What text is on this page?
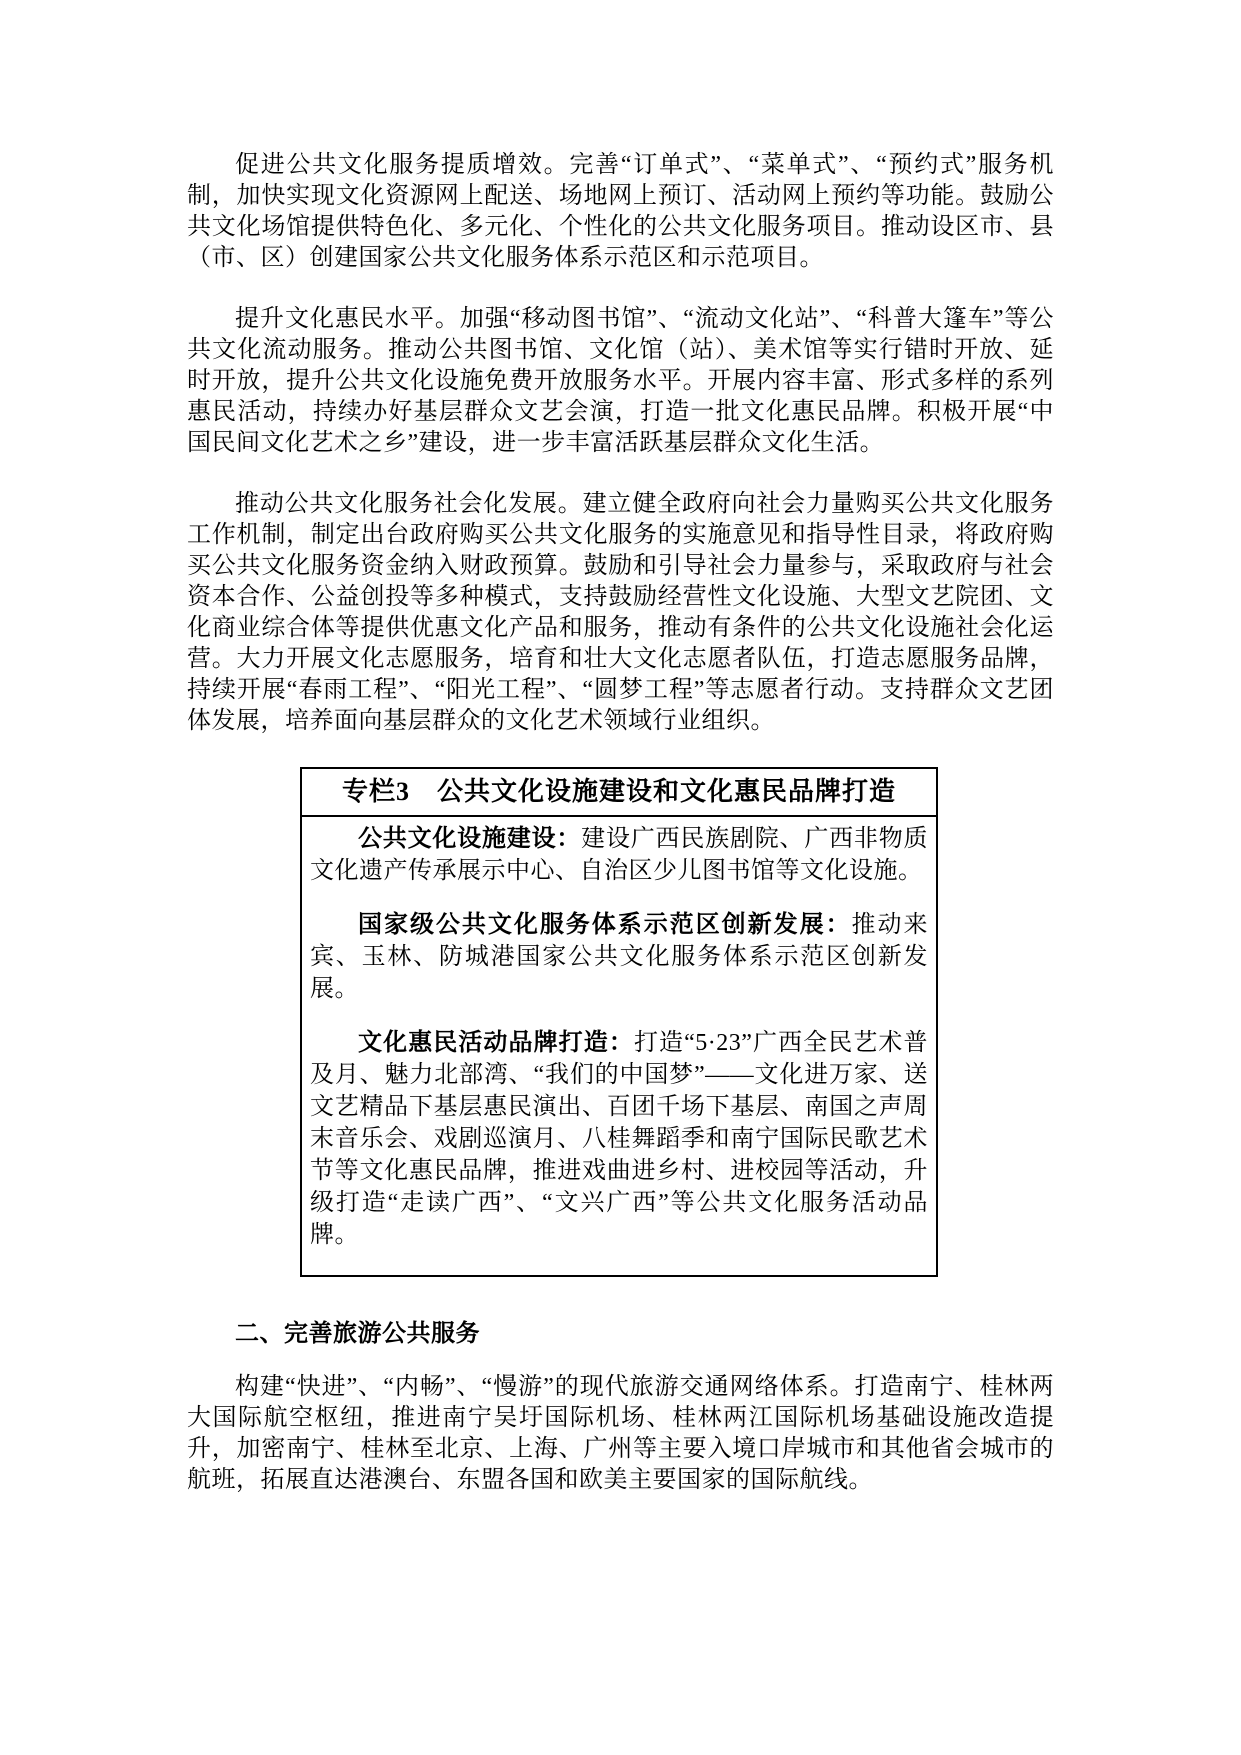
促进公共文化服务提质增效。完善“订单式”、“菜单式”、“预约式”服务机制，加快实现文化资源网上配送、场地网上预订、活动网上预约等功能。鼓励公共文化场馆提供特色化、多元化、个性化的公共文化服务项目。推动设区市、县（市、区）创建国家公共文化服务体系示范区和示范项目。

提升文化惠民水平。加强“移动图书馆”、“流动文化站”、“科普大篷车”等公共文化流动服务。推动公共图书馆、文化馆（站）、美术馆等实行错时开放、延时开放，提升公共文化设施免费开放服务水平。开展内容丰富、形式多样的系列惠民活动，持续办好基层群众文艺会演，打造一批文化惠民品牌。积极开展“中国民间文化艺术之乡”建设，进一步丰富活跃基层群众文化生活。

推动公共文化服务社会化发展。建立健全政府向社会力量购买公共文化服务工作机制，制定出台政府购买公共文化服务的实施意见和指导性目录，将政府购买公共文化服务资金纳入财政预算。鼓励和引导社会力量参与，采取政府与社会资本合作、公益创投等多种模式，支持鼓励经营性文化设施、大型文艺院团、文化商业综合体等提供优惠文化产品和服务，推动有条件的公共文化设施社会化运营。大力开展文化志愿服务，培育和壮大文化志愿者队伍，打造志愿服务品牌，持续开展“春雨工程”、“阳光工程”、“圆梦工程”等志愿者行动。支持群众文艺团体发展，培养面向基层群众的文化艺术领域行业组织。

专栏3　公共文化设施建设和文化惠民品牌打造

公共文化设施建设：建设广西民族剧院、广西非物质文化遗产传承展示中心、自治区少儿图书馆等文化设施。

国家级公共文化服务体系示范区创新发展：推动来宾、玉林、防城港国家公共文化服务体系示范区创新发展。

文化惠民活动品牌打造：打造“5·23”广西全民艺术普及月、魅力北部湾、“我们的中国梦”——文化进万家、送文艺精品下基层惠民演出、百团千场下基层、南国之声周末音乐会、戏剧巡演月、八桂舞蹈季和南宁国际民歌艺术节等文化惠民品牌，推进戏曲进乡村、进校园等活动，升级打造“走读广西”、“文兴广西”等公共文化服务活动品牌。

二、完善旅游公共服务

构建“快进”、“内畅”、“慢游”的现代旅游交通网络体系。打造南宁、桂林两大国际航空枢纽，推进南宁吴圩国际机场、桂林两江国际机场基础设施改造提升，加密南宁、桂林至北京、上海、广州等主要入境口岸城市和其他省会城市的航班，拓展直达港澳台、东盟各国和欧美主要国家的国际航线。
